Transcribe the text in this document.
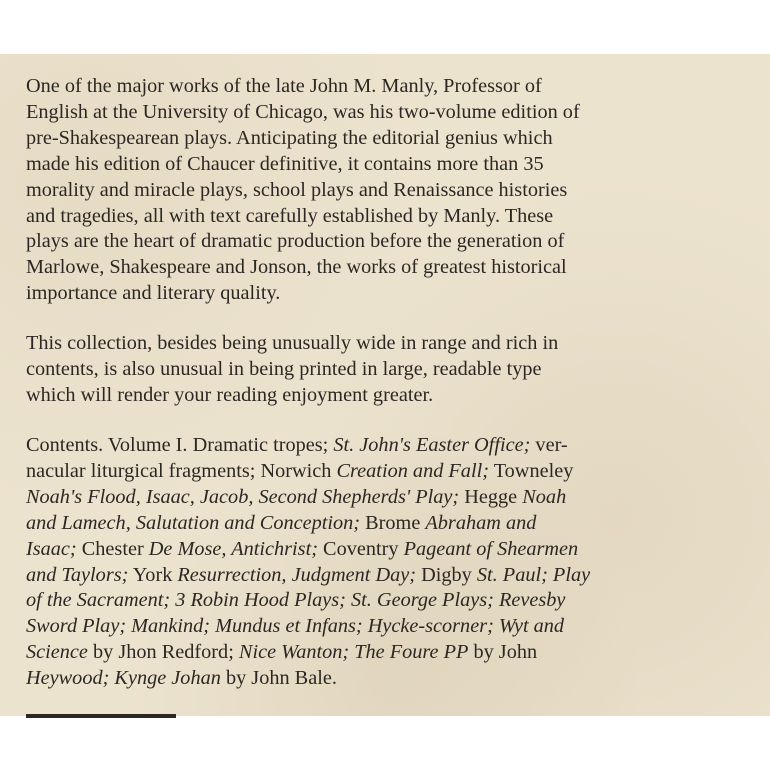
One of the major works of the late John M. Manly, Professor of
English at the University of Chicago, was his two-volume edition of
pre-Shakespearean plays. Anticipating the editorial genius which
made his edition of Chaucer definitive, it contains more than 35
morality and miracle plays, school plays and Renaissance histories
and tragedies, all with text carefully established by Manly. These
plays are the heart of dramatic production before the generation of
Marlowe, Shakespeare and Jonson, the works of greatest historical
importance and literary quality.
This collection, besides being unusually wide in range and rich in
contents, is also unusual in being printed in large, readable type
which will render your reading enjoyment greater.
Contents. Volume I. Dramatic tropes; St. John's Easter Office; ver-
nacular liturgical fragments; Norwich Creation and Fall; Towneley
Noah's Flood, Isaac, Jacob, Second Shepherds' Play; Hegge Noah
and Lamech, Salutation and Conception; Brome Abraham and
Isaac; Chester De Mose, Antichrist; Coventry Pageant of Shearmen
and Taylors; York Resurrection, Judgment Day; Digby St. Paul; Play
of the Sacrament; 3 Robin Hood Plays; St. George Plays; Revesby
Sword Play; Mankind; Mundus et Infans; Hycke-scorner; Wyt and
Science by Jhon Redford; Nice Wanton; The Foure PP by John
Heywood; Kynge Johan by John Bale.
